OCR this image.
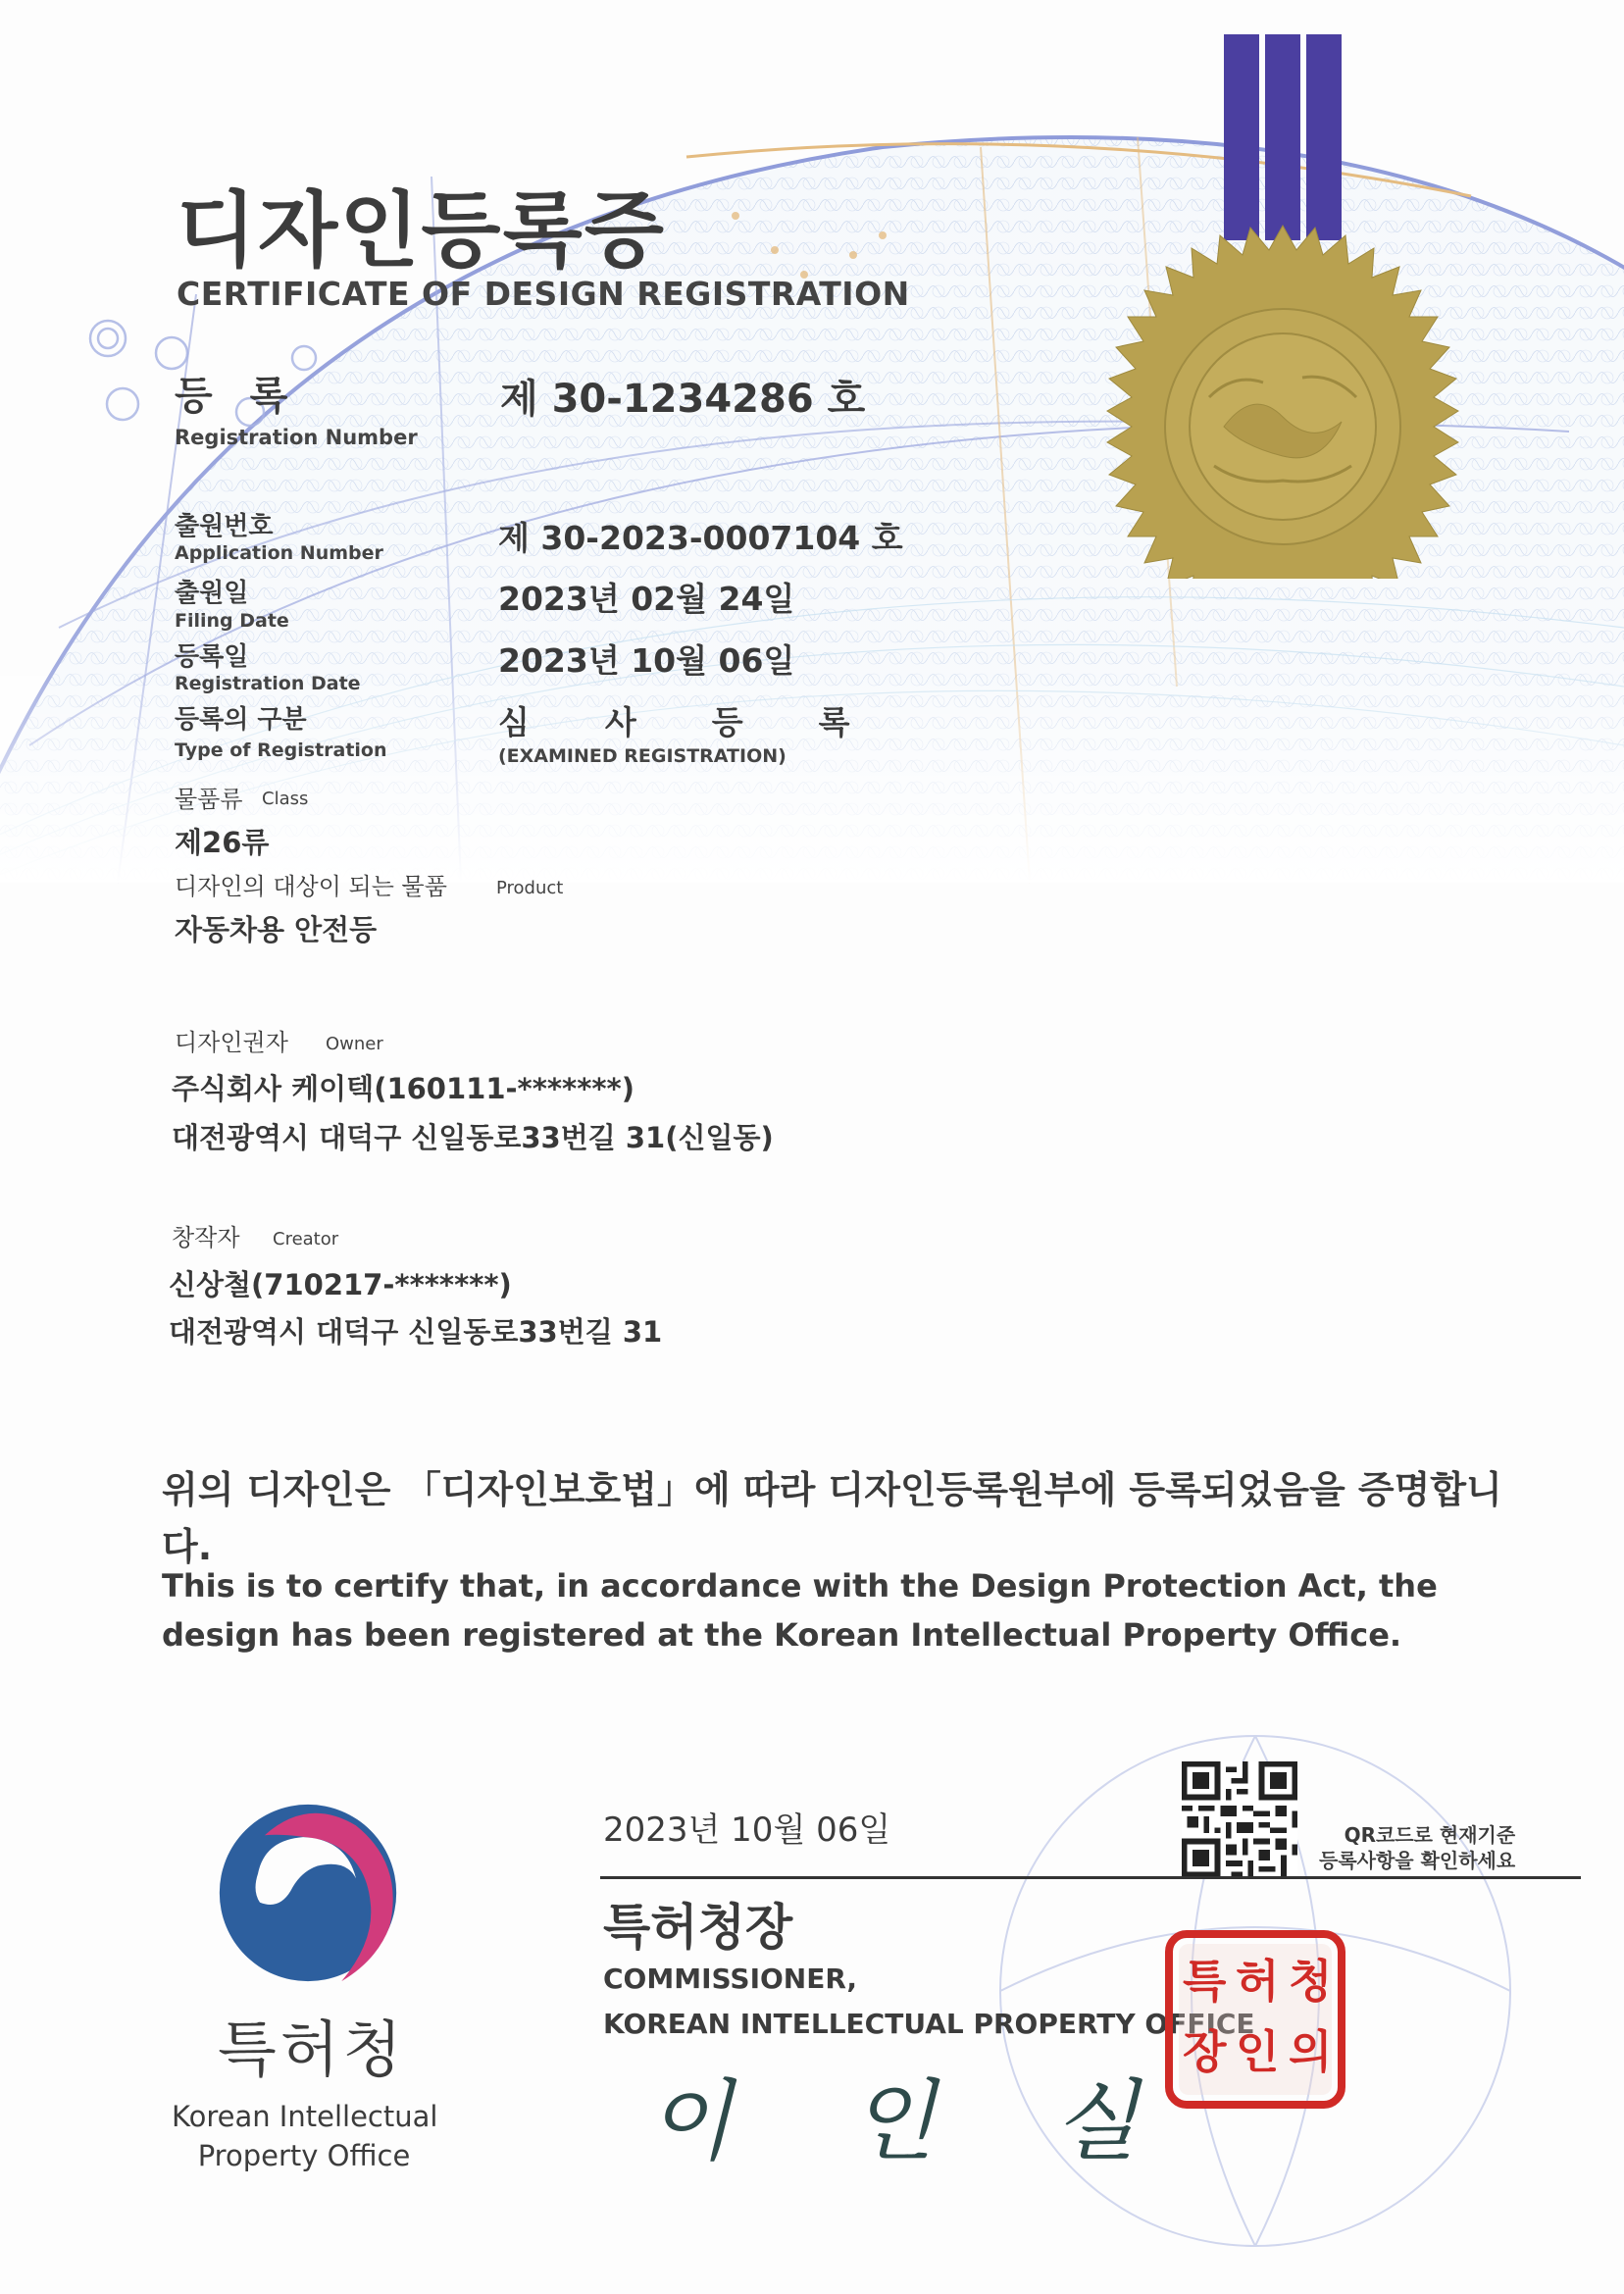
디자인등록증
CERTIFICATE OF DESIGN REGISTRATION
등 록
Registration Number
제 30-1234286 호
출원번호
Application Number	제 30-2023-0007104 호
출원일
Filing Date
2023년 02월 24일
등록일
Registration Date
2023년 10월 06일
등록의 구분
Type of Registration
심  사  등  록
(EXAMINED REGISTRATION)
물품류 Class
제26류
디자인의 대상이 되는 물품	Product
자동차용 안전등
디자인권자 Owner
주식회사 케이텍(160111-*******)
대전광역시 대덕구 신일동로33번길 31(신일동)
창작자 Creator
신상철(710217-*******)
대전광역시 대덕구 신일동로33번길 31
위의 디자인은 「디자인보호법」에 따라 디자인등록원부에 등록되었음을 증명합니다.
This is to certify that, in accordance with the Design Protection Act, the design has been registered at the Korean Intellectual Property Office.
2023년 10월 06일	QR코드로 현재기준
등록사항을 확인하세요
특허청장
COMMISSIONER,
KOREAN INTELLECTUAL PROPERTY OFFICE
이인실
청
의
허
인
특
장
특허청
Korean Intellectual
Property Office
